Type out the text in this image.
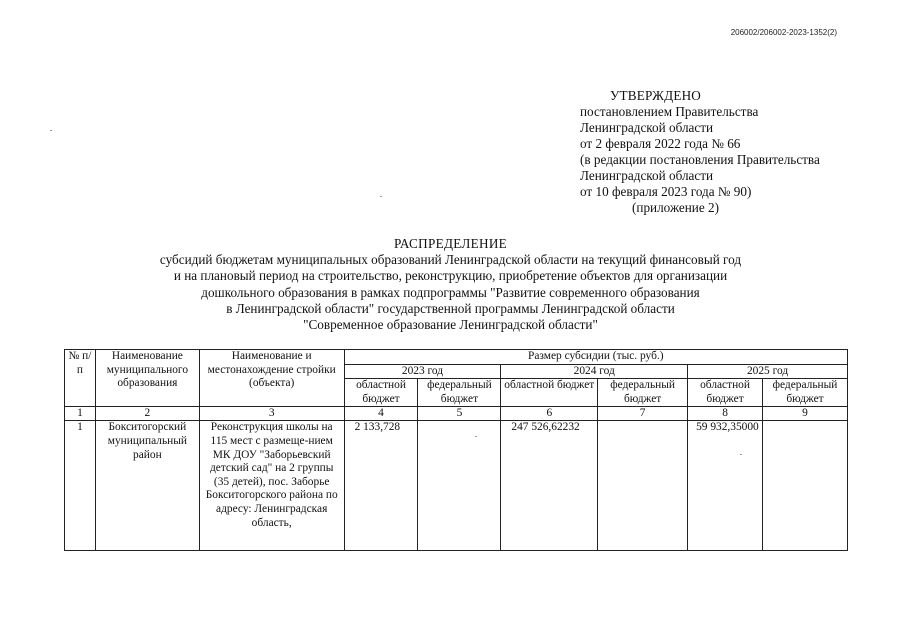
206002/206002-2023-1352(2)
УТВЕРЖДЕНО
постановлением Правительства
Ленинградской области
от 2 февраля 2022 года № 66
(в редакции постановления Правительства
Ленинградской области
от 10 февраля 2023 года № 90)
(приложение 2)
РАСПРЕДЕЛЕНИЕ
субсидий бюджетам муниципальных образований Ленинградской области на текущий финансовый год
и на плановый период на строительство, реконструкцию, приобретение объектов для организации
дошкольного образования в рамках подпрограммы "Развитие современного образования
в Ленинградской области" государственной программы Ленинградской области
"Современное образование Ленинградской области"
№ п/п	Наименование муниципального образования	Наименование и местонахождение стройки (объекта)	Размер субсидии (тыс. руб.)					
			2023 год		2024 год		2025 год	
			областной бюджет	федеральный бюджет	областной бюджет	федеральный бюджет	областной бюджет	федеральный бюджет
1	2	3	4	5	6	7	8	9
1	Бокситогорский муниципальный район	Реконструкция школы на 115 мест с размеще-нием МК ДОУ "Заборьевский детский сад" на 2 группы (35 детей), пос. Заборье Бокситогорского района по адресу: Ленинградская область,	2 133,728		247 526,62232		59 932,35000	
